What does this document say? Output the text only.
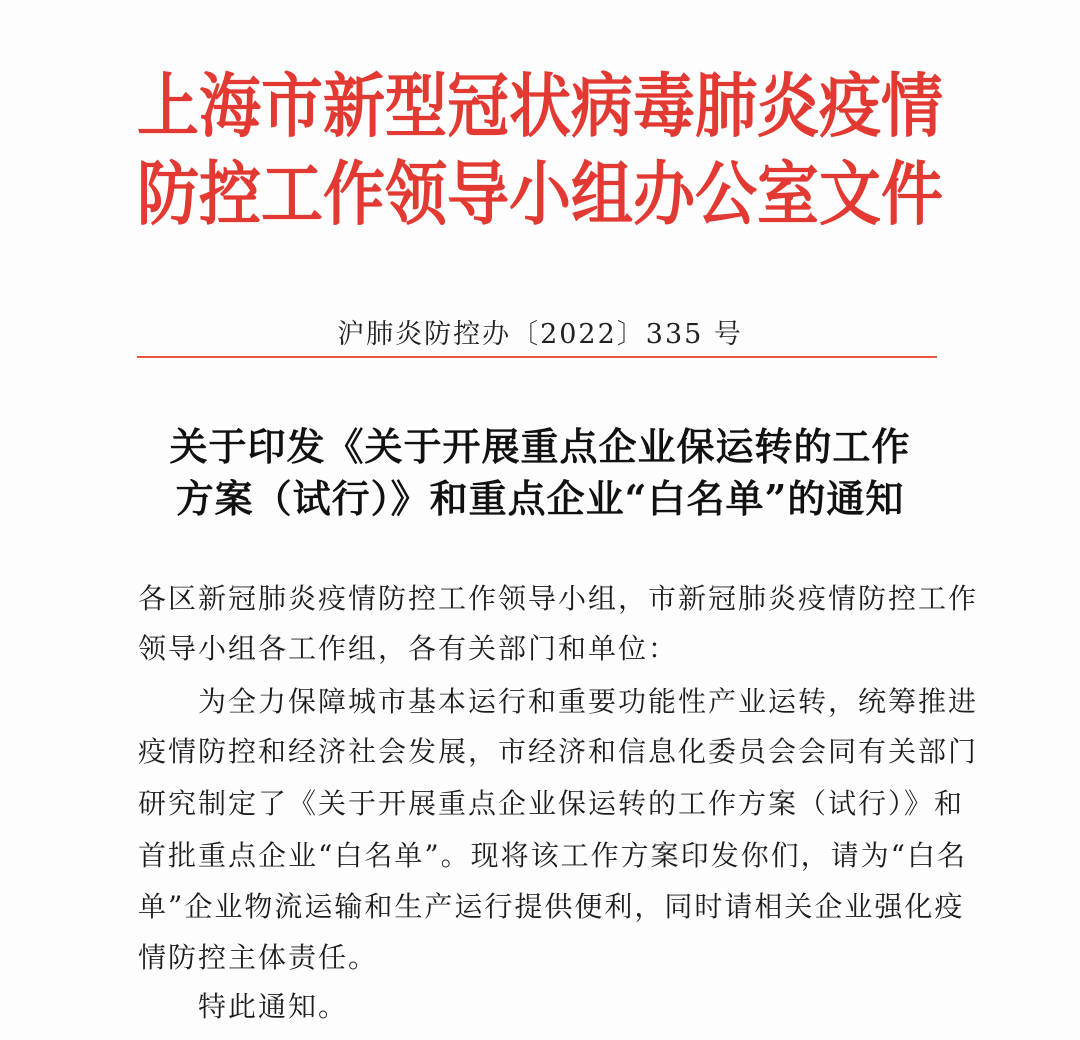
上海市新型冠状病毒肺炎疫情
防控工作领导小组办公室文件
沪肺炎防控办〔2022〕335 号
关于印发《关于开展重点企业保运转的工作
方案（试行）》和重点企业“白名单”的通知
各区新冠肺炎疫情防控工作领导小组，市新冠肺炎疫情防控工作
领导小组各工作组，各有关部门和单位：
　　为全力保障城市基本运行和重要功能性产业运转，统筹推进
疫情防控和经济社会发展，市经济和信息化委员会会同有关部门
研究制定了《关于开展重点企业保运转的工作方案（试行）》和
首批重点企业“白名单”。现将该工作方案印发你们，请为“白名
单”企业物流运输和生产运行提供便利，同时请相关企业强化疫
情防控主体责任。
　　特此通知。
